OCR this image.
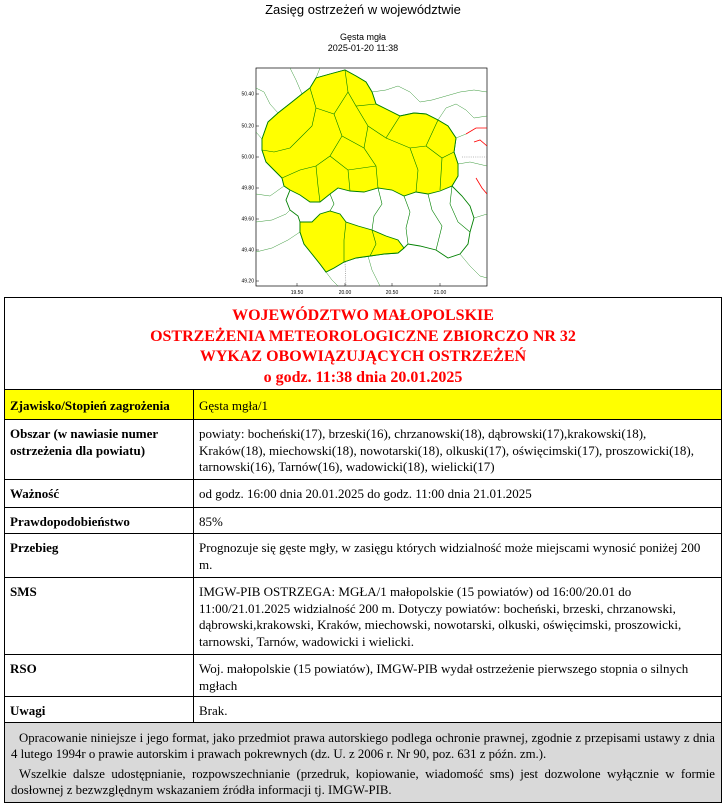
Zasięg ostrzeżeń w województwie
Gęsta mgła
2025-01-20 11:38
50.40
50.20
50.00
49.80
49.60
49.40
49.20
19.50	20.00	20.50	21.00
WOJEWÓDZTWO MAŁOPOLSKIE
OSTRZEŻENIA METEOROLOGICZNE ZBIORCZO NR 32
WYKAZ OBOWIĄZUJĄCYCH OSTRZEŻEŃ
o godz. 11:38 dnia 20.01.2025	

Zjawisko/Stopień zagrożenia	Gęsta mgła/1
Obszar (w nawiasie numer ostrzeżenia dla powiatu)	powiaty: bocheński(17), brzeski(16), chrzanowski(18), dąbrowski(17),krakowski(18), Kraków(18), miechowski(18), nowotarski(18), olkuski(17), oświęcimski(17), proszowicki(18), tarnowski(16), Tarnów(16), wadowicki(18), wielicki(17)
Ważność	od godz. 16:00 dnia 20.01.2025 do godz. 11:00 dnia 21.01.2025
Prawdopodobieństwo	85%
Przebieg	Prognozuje się gęste mgły, w zasięgu których widzialność może miejscami wynosić poniżej 200 m.
SMS	IMGW-PIB OSTRZEGA: MGŁA/1 małopolskie (15 powiatów) od 16:00/20.01 do 11:00/21.01.2025 widzialność 200 m. Dotyczy powiatów: bocheński, brzeski, chrzanowski, dąbrowski,krakowski, Kraków, miechowski, nowotarski, olkuski, oświęcimski, proszowicki, tarnowski, Tarnów, wadowicki i wielicki.
RSO	Woj. małopolskie (15 powiatów), IMGW-PIB wydał ostrzeżenie pierwszego stopnia o silnych mgłach
Uwagi	Brak.

Opracowanie niniejsze i jego format, jako przedmiot prawa autorskiego podlega ochronie prawnej, zgodnie z przepisami ustawy z dnia 4 lutego 1994r o prawie autorskim i prawach pokrewnych (dz. U. z 2006 r. Nr 90, poz. 631 z późn. zm.).

Wszelkie dalsze udostępnianie, rozpowszechnianie (przedruk, kopiowanie, wiadomość sms) jest dozwolone wyłącznie w formie dosłownej z bezwzględnym wskazaniem źródła informacji tj. IMGW-PIB.	
